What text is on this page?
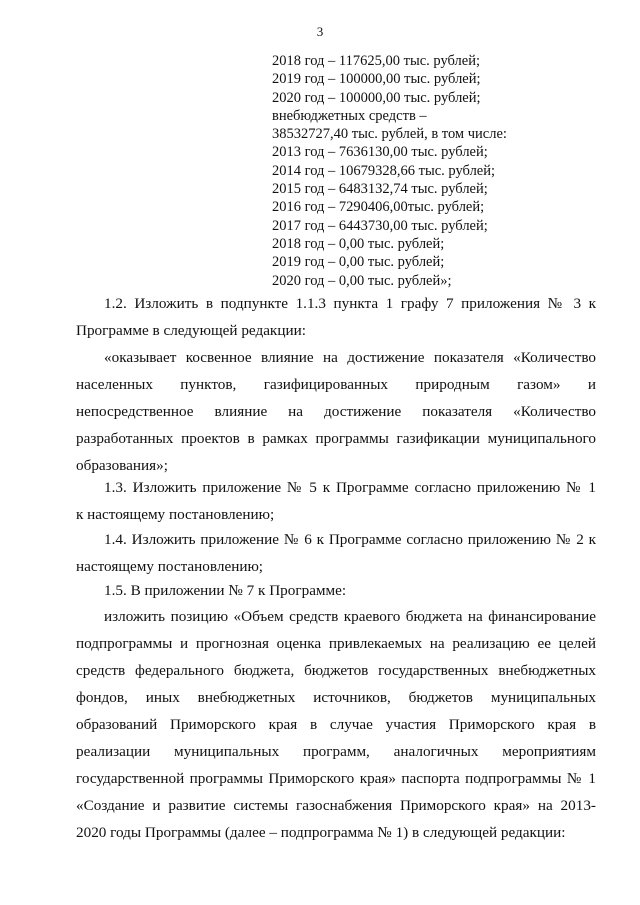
3
2018 год – 117625,00 тыс. рублей;
2019 год – 100000,00 тыс. рублей;
2020 год – 100000,00 тыс. рублей;
внебюджетных средств –
38532727,40 тыс. рублей, в том числе:
2013 год – 7636130,00 тыс. рублей;
2014 год – 10679328,66 тыс. рублей;
2015 год – 6483132,74 тыс. рублей;
2016 год – 7290406,00тыс. рублей;
2017 год – 6443730,00 тыс. рублей;
2018 год – 0,00 тыс. рублей;
2019 год – 0,00 тыс. рублей;
2020 год – 0,00 тыс. рублей»;

1.2. Изложить в подпункте 1.1.3 пункта 1 графу 7 приложения № 3 к
Программе в следующей редакции:

«оказывает косвенное влияние на достижение показателя «Количество
населенных пунктов, газифицированных природным газом» и
непосредственное влияние на достижение показателя «Количество
разработанных проектов в рамках программы газификации муниципального
образования»;

1.3. Изложить приложение № 5 к Программе согласно приложению № 1
к настоящему постановлению;

1.4. Изложить приложение № 6 к Программе согласно приложению № 2 к
настоящему постановлению;

1.5. В приложении № 7 к Программе:

изложить позицию «Объем средств краевого бюджета на финансирование
подпрограммы и прогнозная оценка привлекаемых на реализацию ее целей
средств федерального бюджета, бюджетов государственных внебюджетных
фондов, иных внебюджетных источников, бюджетов муниципальных
образований Приморского края в случае участия Приморского края в
реализации муниципальных программ, аналогичных мероприятиям
государственной программы Приморского края» паспорта подпрограммы № 1
«Создание и развитие системы газоснабжения Приморского края» на 2013-
2020 годы Программы (далее – подпрограмма № 1) в следующей редакции:
